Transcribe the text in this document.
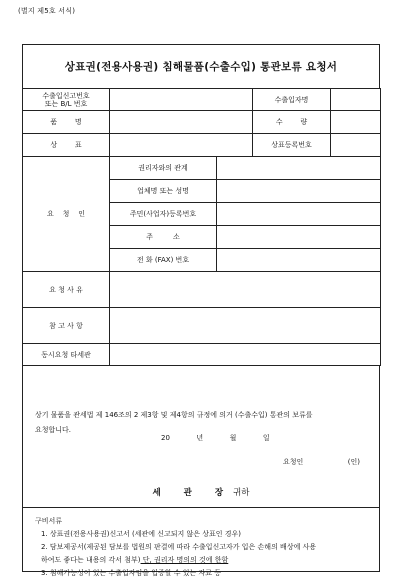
(별지 제5호 서식)
상표권(전용사용권) 침해물품(수출수입) 통관보류 요청서
수출입신고번호
또는 B/L 번호			수출입자명	
품        명			수        량	
상        표			상표등록번호	
요    청    인	권리자와의 관계			
	업체명 또는 성명			
	주민(사업자)등록번호			
	주         소			
	전 화 (FAX) 번호			
요 청 사 유				
참 고 사 항				
동시요청 타세관				
상기 물품을 관세법 제 146조의 2 제3항 및 제4항의 규정에 의거 (수출수입) 통관의 보류를
요청합니다.
20	년	월	일
요청인	(인)
세 관 장귀하
구비서류
1. 상표권(전용사용권)신고서 (세관에 신고되지 않은 상표인 경우)
2. 담보제공서(제공된 담보를 법원의 판결에 따라 수출입신고자가 입은 손해의 배상에 사용
하여도 좋다는 내용의 각서 첨부) 단, 권리자 명의의 것에 한함
3. 침해가능성이 있는 수출입자임을 입증할 수 있는 자료 등
